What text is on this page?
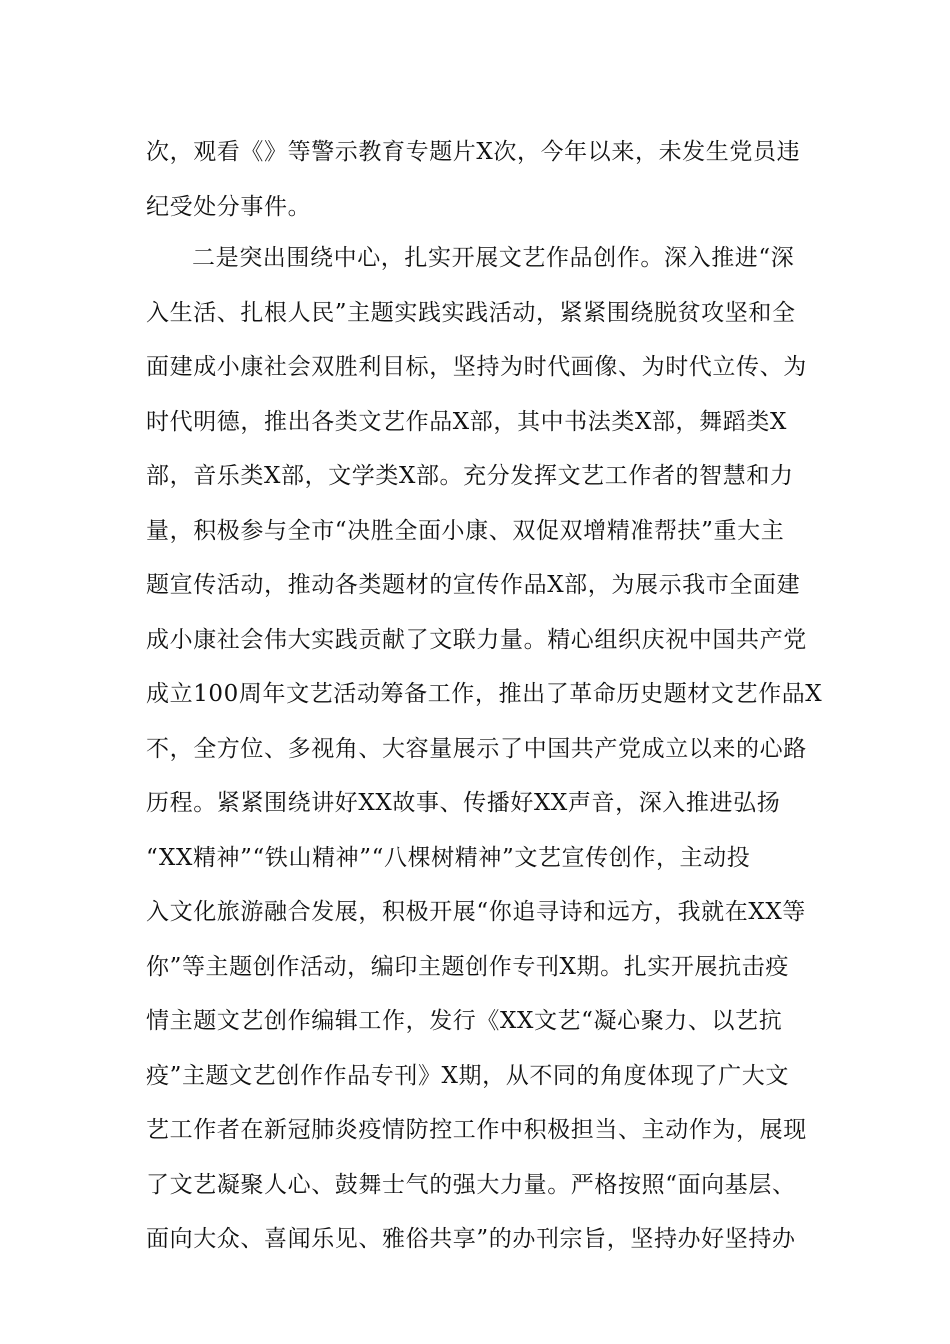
次，观看《》等警示教育专题片X次，今年以来，未发生党员违
纪受处分事件。
二是突出围绕中心，扎实开展文艺作品创作。深入推进“深
入生活、扎根人民”主题实践实践活动，紧紧围绕脱贫攻坚和全
面建成小康社会双胜利目标，坚持为时代画像、为时代立传、为
时代明德，推出各类文艺作品X部，其中书法类X部，舞蹈类X
部，音乐类X部，文学类X部。充分发挥文艺工作者的智慧和力
量，积极参与全市“决胜全面小康、双促双增精准帮扶”重大主
题宣传活动，推动各类题材的宣传作品X部，为展示我市全面建
成小康社会伟大实践贡献了文联力量。精心组织庆祝中国共产党
成立100周年文艺活动筹备工作，推出了革命历史题材文艺作品X
不，全方位、多视角、大容量展示了中国共产党成立以来的心路
历程。紧紧围绕讲好XX故事、传播好XX声音，深入推进弘扬
“XX精神”“铁山精神”“八棵树精神”文艺宣传创作，主动投
入文化旅游融合发展，积极开展“你追寻诗和远方，我就在XX等
你”等主题创作活动，编印主题创作专刊X期。扎实开展抗击疫
情主题文艺创作编辑工作，发行《XX文艺“凝心聚力、以艺抗
疫”主题文艺创作作品专刊》X期，从不同的角度体现了广大文
艺工作者在新冠肺炎疫情防控工作中积极担当、主动作为，展现
了文艺凝聚人心、鼓舞士气的强大力量。严格按照“面向基层、
面向大众、喜闻乐见、雅俗共享”的办刊宗旨，坚持办好坚持办
